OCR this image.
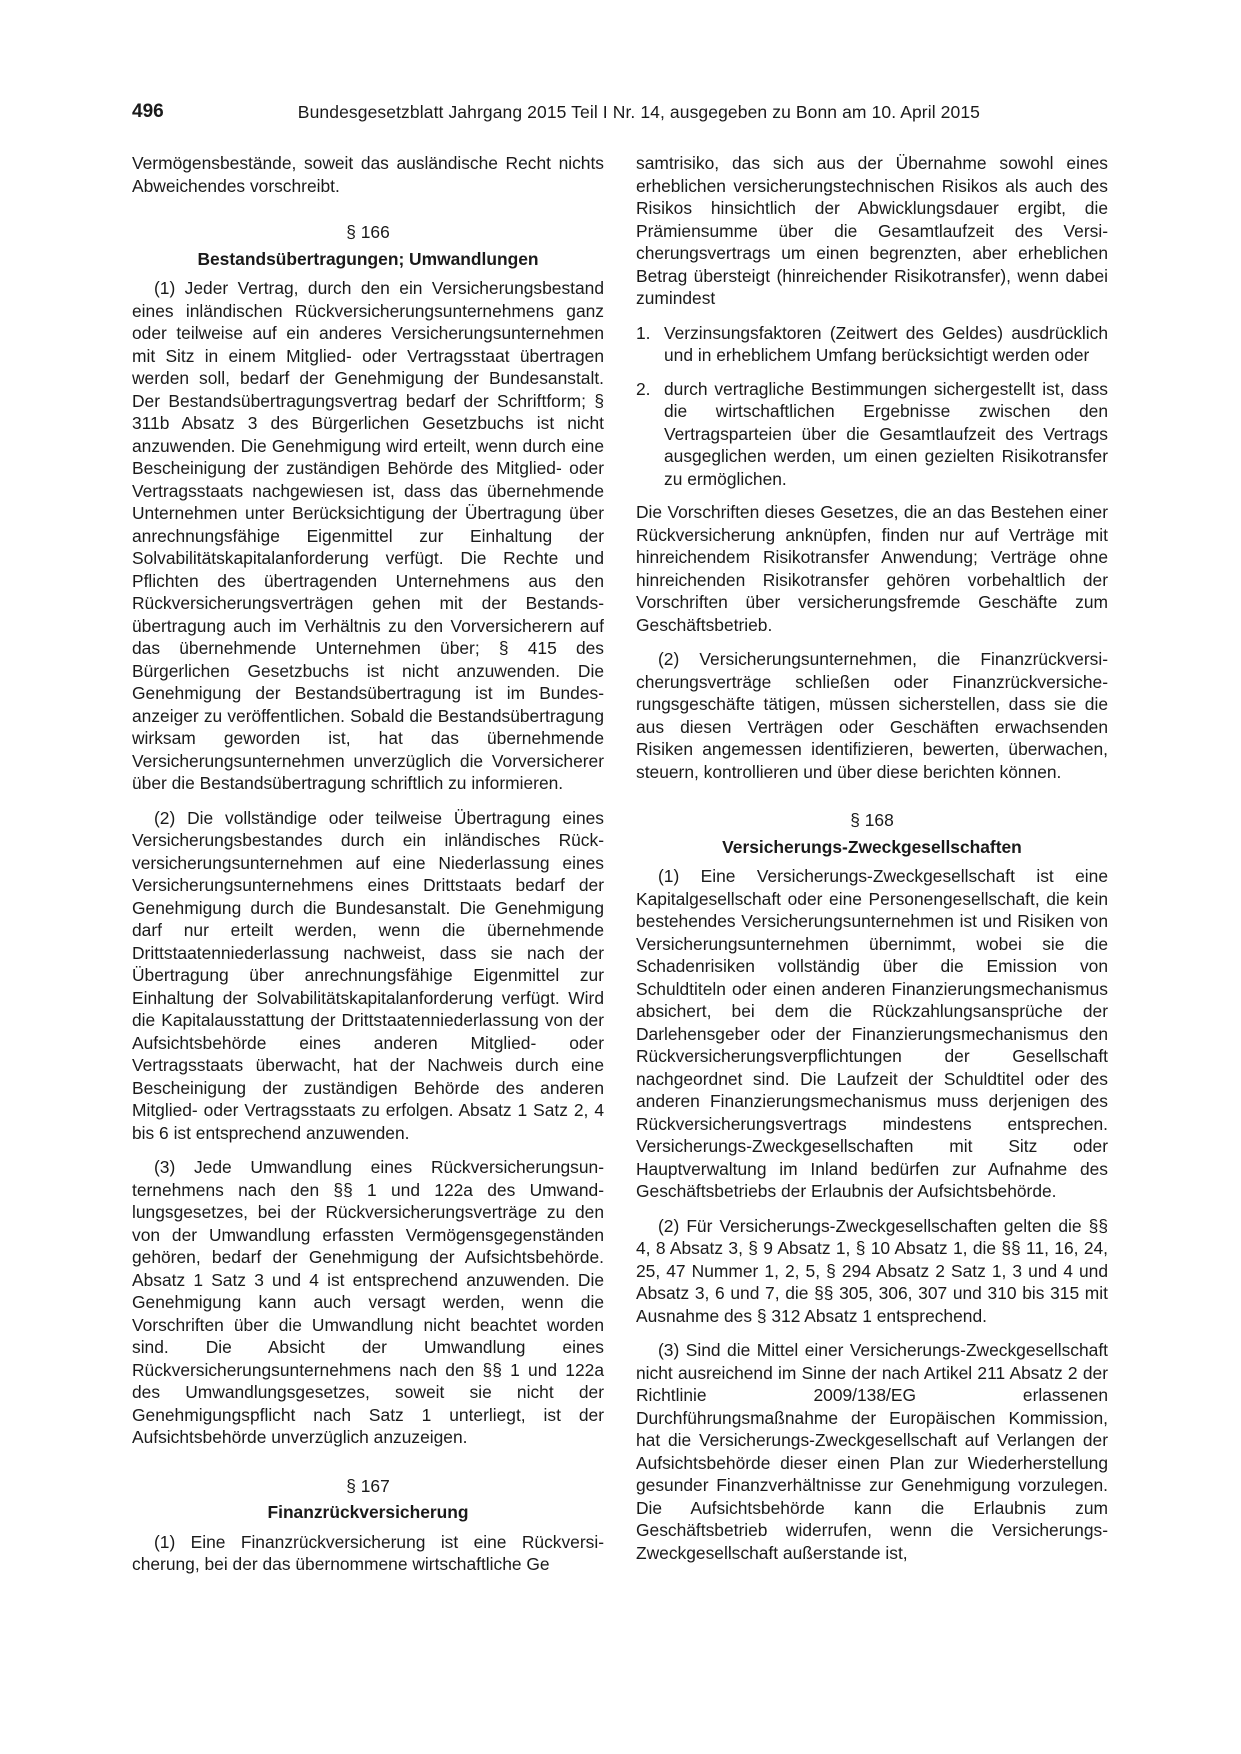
496	Bundesgesetzblatt Jahrgang 2015 Teil I Nr. 14, ausgegeben zu Bonn am 10. April 2015

Vermögensbestände, soweit das ausländische Recht nichts Abweichendes vorschreibt.

§ 166
Bestandsübertragungen; Umwandlungen

(1) Jeder Vertrag, durch den ein Versicherungsbestand eines inländischen Rückversicherungsunternehmens ganz oder teilweise auf ein anderes Versicherungsunternehmen mit Sitz in einem Mitglied- oder Vertragsstaat übertragen werden soll, bedarf der Genehmigung der Bundesanstalt. Der Bestandsübertragungsvertrag bedarf der Schriftform; § 311b Absatz 3 des Bürgerlichen Gesetzbuchs ist nicht anzuwenden. Die Genehmigung wird erteilt, wenn durch eine Bescheinigung der zuständigen Behörde des Mitglied- oder Vertragsstaats nachgewiesen ist, dass das übernehmende Unternehmen unter Berücksichtigung der Übertragung über anrechnungsfähige Eigenmittel zur Einhaltung der Solvabilitätskapitalanforderung verfügt. Die Rechte und Pflichten des übertragenden Unternehmens aus den Rückversicherungsverträgen gehen mit der Bestandsübertragung auch im Verhältnis zu den Vorversicherern auf das übernehmende Unternehmen über; § 415 des Bürgerlichen Gesetzbuchs ist nicht anzuwenden. Die Genehmigung der Bestandsübertragung ist im Bundesanzeiger zu veröffentlichen. Sobald die Bestandsübertragung wirksam geworden ist, hat das übernehmende Versicherungsunternehmen unverzüglich die Vorversicherer über die Bestandsübertragung schriftlich zu informieren.

(2) Die vollständige oder teilweise Übertragung eines Versicherungsbestandes durch ein inländisches Rückversicherungsunternehmen auf eine Niederlassung eines Versicherungsunternehmens eines Drittstaats bedarf der Genehmigung durch die Bundesanstalt. Die Genehmigung darf nur erteilt werden, wenn die übernehmende Drittstaatenniederlassung nachweist, dass sie nach der Übertragung über anrechnungsfähige Eigenmittel zur Einhaltung der Solvabilitätskapitalanforderung verfügt. Wird die Kapitalausstattung der Drittstaatenniederlassung von der Aufsichtsbehörde eines anderen Mitglied- oder Vertragsstaats überwacht, hat der Nachweis durch eine Bescheinigung der zuständigen Behörde des anderen Mitglied- oder Vertragsstaats zu erfolgen. Absatz 1 Satz 2, 4 bis 6 ist entsprechend anzuwenden.

(3) Jede Umwandlung eines Rückversicherungsunternehmens nach den §§ 1 und 122a des Umwandlungsgesetzes, bei der Rückversicherungsverträge zu den von der Umwandlung erfassten Vermögensgegenständen gehören, bedarf der Genehmigung der Aufsichtsbehörde. Absatz 1 Satz 3 und 4 ist entsprechend anzuwenden. Die Genehmigung kann auch versagt werden, wenn die Vorschriften über die Umwandlung nicht beachtet worden sind. Die Absicht der Umwandlung eines Rückversicherungsunternehmens nach den §§ 1 und 122a des Umwandlungsgesetzes, soweit sie nicht der Genehmigungspflicht nach Satz 1 unterliegt, ist der Aufsichtsbehörde unverzüglich anzuzeigen.

§ 167
Finanzrückversicherung

(1) Eine Finanzrückversicherung ist eine Rückversicherung, bei der das übernommene wirtschaftliche Ge

samtrisiko, das sich aus der Übernahme sowohl eines erheblichen versicherungstechnischen Risikos als auch des Risikos hinsichtlich der Abwicklungsdauer ergibt, die Prämiensumme über die Gesamtlaufzeit des Versicherungsvertrags um einen begrenzten, aber erheblichen Betrag übersteigt (hinreichender Risikotransfer), wenn dabei zumindest

1. Verzinsungsfaktoren (Zeitwert des Geldes) ausdrücklich und in erheblichem Umfang berücksichtigt werden oder
2. durch vertragliche Bestimmungen sichergestellt ist, dass die wirtschaftlichen Ergebnisse zwischen den Vertragsparteien über die Gesamtlaufzeit des Vertrags ausgeglichen werden, um einen gezielten Risikotransfer zu ermöglichen.

Die Vorschriften dieses Gesetzes, die an das Bestehen einer Rückversicherung anknüpfen, finden nur auf Verträge mit hinreichendem Risikotransfer Anwendung; Verträge ohne hinreichenden Risikotransfer gehören vorbehaltlich der Vorschriften über versicherungsfremde Geschäfte zum Geschäftsbetrieb.

(2) Versicherungsunternehmen, die Finanzrückversicherungsverträge schließen oder Finanzrückversicherungsgeschäfte tätigen, müssen sicherstellen, dass sie die aus diesen Verträgen oder Geschäften erwachsenden Risiken angemessen identifizieren, bewerten, überwachen, steuern, kontrollieren und über diese berichten können.

§ 168
Versicherungs-Zweckgesellschaften

(1) Eine Versicherungs-Zweckgesellschaft ist eine Kapitalgesellschaft oder eine Personengesellschaft, die kein bestehendes Versicherungsunternehmen ist und Risiken von Versicherungsunternehmen übernimmt, wobei sie die Schadenrisiken vollständig über die Emission von Schuldtiteln oder einen anderen Finanzierungsmechanismus absichert, bei dem die Rückzahlungsansprüche der Darlehensgeber oder der Finanzierungsmechanismus den Rückversicherungsverpflichtungen der Gesellschaft nachgeordnet sind. Die Laufzeit der Schuldtitel oder des anderen Finanzierungsmechanismus muss derjenigen des Rückversicherungsvertrags mindestens entsprechen. Versicherungs-Zweckgesellschaften mit Sitz oder Hauptverwaltung im Inland bedürfen zur Aufnahme des Geschäftsbetriebs der Erlaubnis der Aufsichtsbehörde.

(2) Für Versicherungs-Zweckgesellschaften gelten die §§ 4, 8 Absatz 3, § 9 Absatz 1, § 10 Absatz 1, die §§ 11, 16, 24, 25, 47 Nummer 1, 2, 5, § 294 Absatz 2 Satz 1, 3 und 4 und Absatz 3, 6 und 7, die §§ 305, 306, 307 und 310 bis 315 mit Ausnahme des § 312 Absatz 1 entsprechend.

(3) Sind die Mittel einer Versicherungs-Zweckgesellschaft nicht ausreichend im Sinne der nach Artikel 211 Absatz 2 der Richtlinie 2009/138/EG erlassenen Durchführungsmaßnahme der Europäischen Kommission, hat die Versicherungs-Zweckgesellschaft auf Verlangen der Aufsichtsbehörde dieser einen Plan zur Wiederherstellung gesunder Finanzverhältnisse zur Genehmigung vorzulegen. Die Aufsichtsbehörde kann die Erlaubnis zum Geschäftsbetrieb widerrufen, wenn die Versicherungs-Zweckgesellschaft außerstande ist,
